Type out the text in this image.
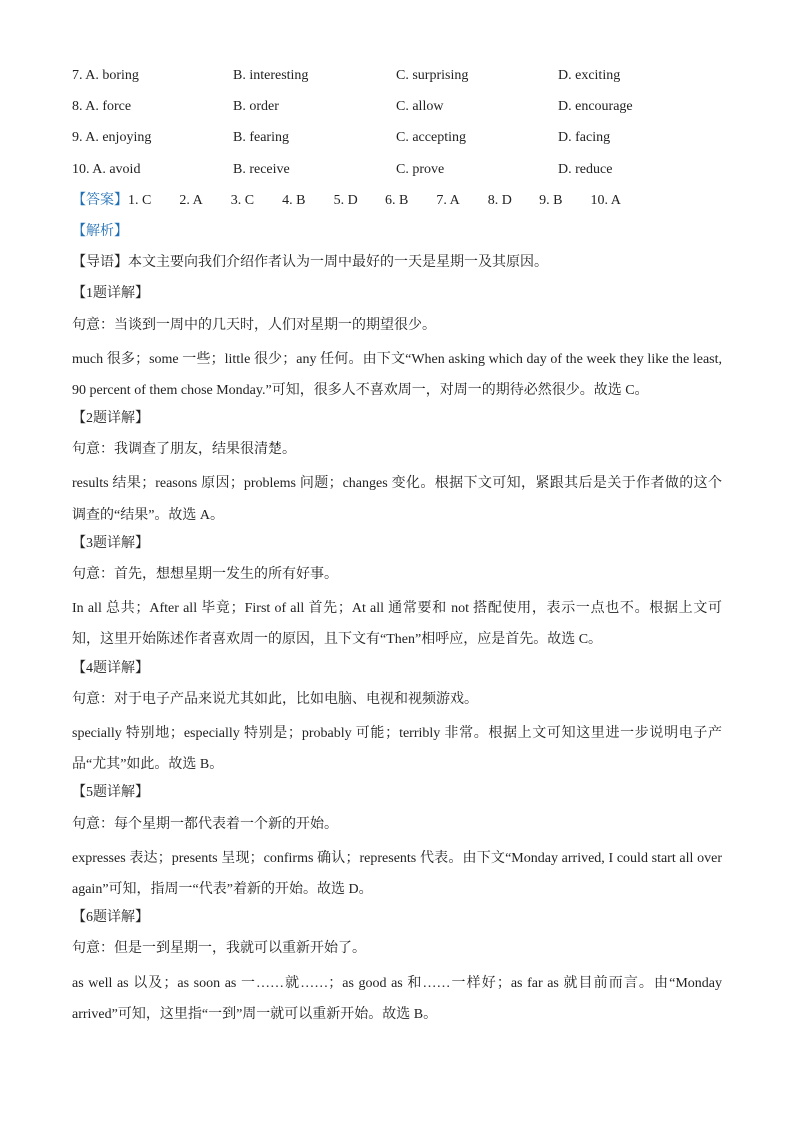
7. A. boring	B. interesting	C. surprising	D. exciting
8. A. force	B. order	C. allow	D. encourage
9. A. enjoying	B. fearing	C. accepting	D. facing
10. A. avoid	B. receive	C. prove	D. reduce
【答案】1. C 2. A 3. C 4. B 5. D 6. B 7. A 8. D 9. B 10. A
【解析】
【导语】本文主要向我们介绍作者认为一周中最好的一天是星期一及其原因。
【1题详解】
句意：当谈到一周中的几天时，人们对星期一的期望很少。
much 很多；some 一些；little 很少；any 任何。由下文“When asking which day of the week they like the least, 90 percent of them chose Monday.”可知，很多人不喜欢周一，对周一的期待必然很少。故选 C。
【2题详解】
句意：我调查了朋友，结果很清楚。
results 结果；reasons 原因；problems 问题；changes 变化。根据下文可知，紧跟其后是关于作者做的这个调查的“结果”。故选 A。
【3题详解】
句意：首先，想想星期一发生的所有好事。
In all 总共；After all 毕竟；First of all 首先；At all 通常要和 not 搭配使用，表示一点也不。根据上文可知，这里开始陈述作者喜欢周一的原因，且下文有“Then”相呼应，应是首先。故选 C。
【4题详解】
句意：对于电子产品来说尤其如此，比如电脑、电视和视频游戏。
specially 特别地；especially 特别是；probably 可能；terribly 非常。根据上文可知这里进一步说明电子产品“尤其”如此。故选 B。
【5题详解】
句意：每个星期一都代表着一个新的开始。
expresses 表达；presents 呈现；confirms 确认；represents 代表。由下文“Monday arrived, I could start all over again”可知，指周一“代表”着新的开始。故选 D。
【6题详解】
句意：但是一到星期一，我就可以重新开始了。
as well as 以及；as soon as 一……就……；as good as 和……一样好；as far as 就目前而言。由“Monday arrived”可知，这里指“一到”周一就可以重新开始。故选 B。
